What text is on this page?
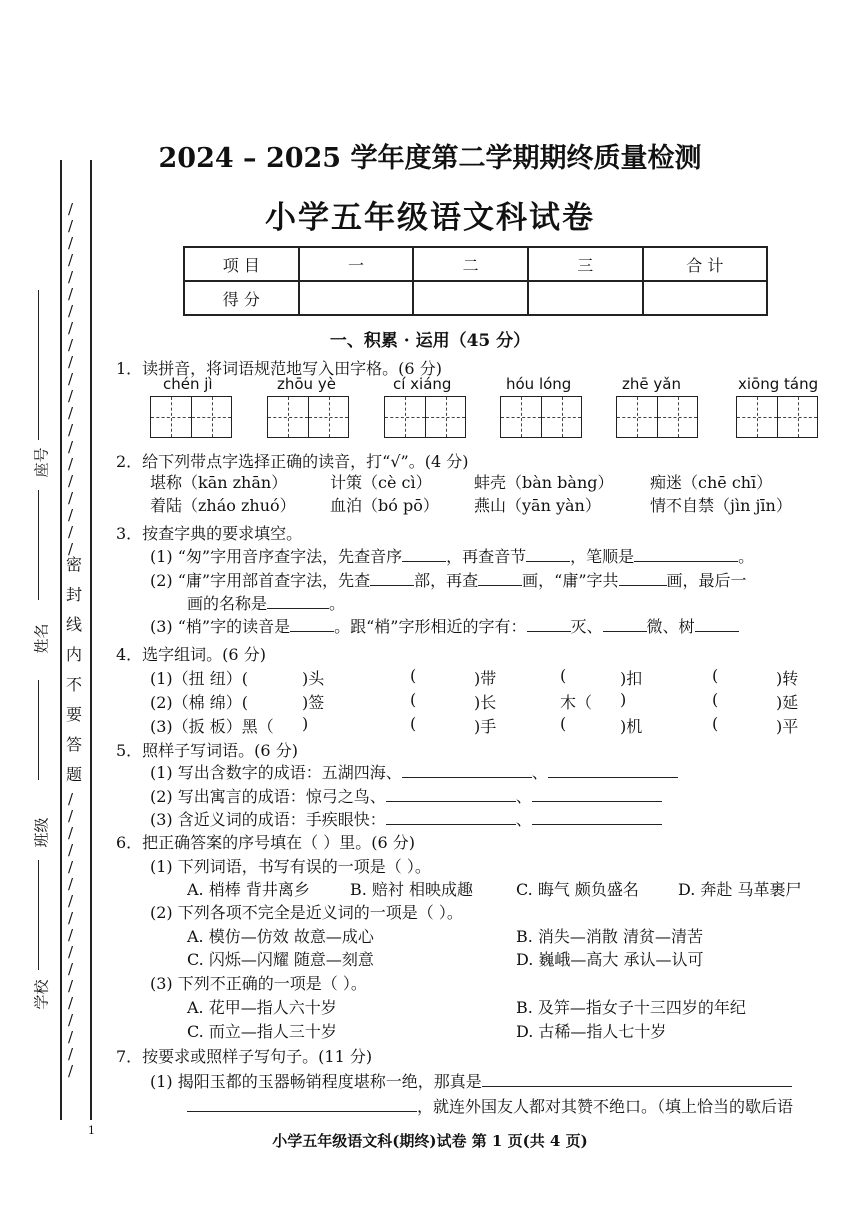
/
/
/
/
/
/
/
/
/
/
/
/
/
/
/
/
/
/
/
/
/
/
/
/
/
/
/
/
/
/
/
/
/
/
/
/
/
/
密
封
线
内
不
要
答
题
座号
姓名
班级
学校
2024 – 2025 学年度第二学期期终质量检测
小学五年级语文科试卷
项 目	一	二	三	合 计
得 分				
一、积累 · 运用（45 分）
1．读拼音，将词语规范地写入田字格。(6 分)
chén jì	zhōu yè	cí xiáng	hóu lóng	zhē yǎn	xiōng táng
2．给下列带点字选择正确的读音，打“√”。(4 分)
堪称（kān zhān）	计策（cè cì）	蚌壳（bàn bàng） 痴迷（chē chī）
着陆（zháo zhuó） 血泊（bó pō） 燕山（yān yàn）	情不自禁（jìn jīn）
3．按查字典的要求填空。
(1) “匆”字用音序查字法，先查音序	，再查音节	，笔顺是	。
(2) “庸”字用部首查字法，先查	部，再查	画，“庸”字共	画，最后一
画的名称是	。
(3) “梢”字的读音是	。跟“梢”字形相近的字有：	灭、	微、树
4．选字组词。(6 分)
(1)（扭 纽）(	)头	(	)带	(	)扣	(	)转
(2)（棉 绵）(	)签	(	)长	木（ )	(	)延
(3)（扳 板）黑（ )	(	)手	(	)机	(	)平
5．照样子写词语。(6 分)
(1) 写出含数字的成语：五湖四海、	、
(2) 写出寓言的成语：惊弓之鸟、	、
(3) 含近义词的成语：手疾眼快：	、
6．把正确答案的序号填在（ ）里。(6 分)
(1) 下列词语，书写有误的一项是（ ）。
A. 梢棒 背井离乡	B. 赔衬 相映成趣	C. 晦气 颇负盛名 D. 奔赴 马革裹尸
(2) 下列各项不完全是近义词的一项是（ ）。
A. 模仿—仿效 故意—成心	B. 消失—消散 清贫—清苦
C. 闪烁—闪耀 随意—刻意	D. 巍峨—高大 承认—认可
(3) 下列不正确的一项是（ ）。
A. 花甲—指人六十岁	B. 及笄—指女子十三四岁的年纪
C. 而立—指人三十岁	D. 古稀—指人七十岁
7．按要求或照样子写句子。(11 分)
(1) 揭阳玉都的玉器畅销程度堪称一绝，那真是
，就连外国友人都对其赞不绝口。（填上恰当的歇后语
小学五年级语文科(期终)试卷 第 1 页(共 4 页)
1
